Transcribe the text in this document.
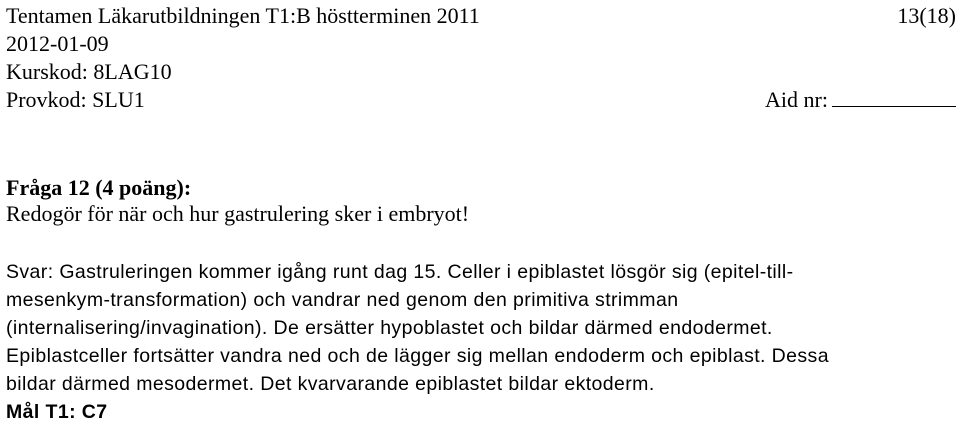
Tentamen Läkarutbildningen T1:B höstterminen 2011	13(18)
2012-01-09
Kurskod: 8LAG10
Provkod: SLU1	Aid nr:
Fråga 12 (4 poäng):
Redogör för när och hur gastrulering sker i embryot!
Svar: Gastruleringen kommer igång runt dag 15. Celler i epiblastet lösgör sig (epitel-till-
mesenkym-transformation) och vandrar ned genom den primitiva strimman
(internalisering/invagination). De ersätter hypoblastet och bildar därmed endodermet.
Epiblastceller fortsätter vandra ned och de lägger sig mellan endoderm och epiblast. Dessa
bildar därmed mesodermet. Det kvarvarande epiblastet bildar ektoderm.
Mål T1: C7
